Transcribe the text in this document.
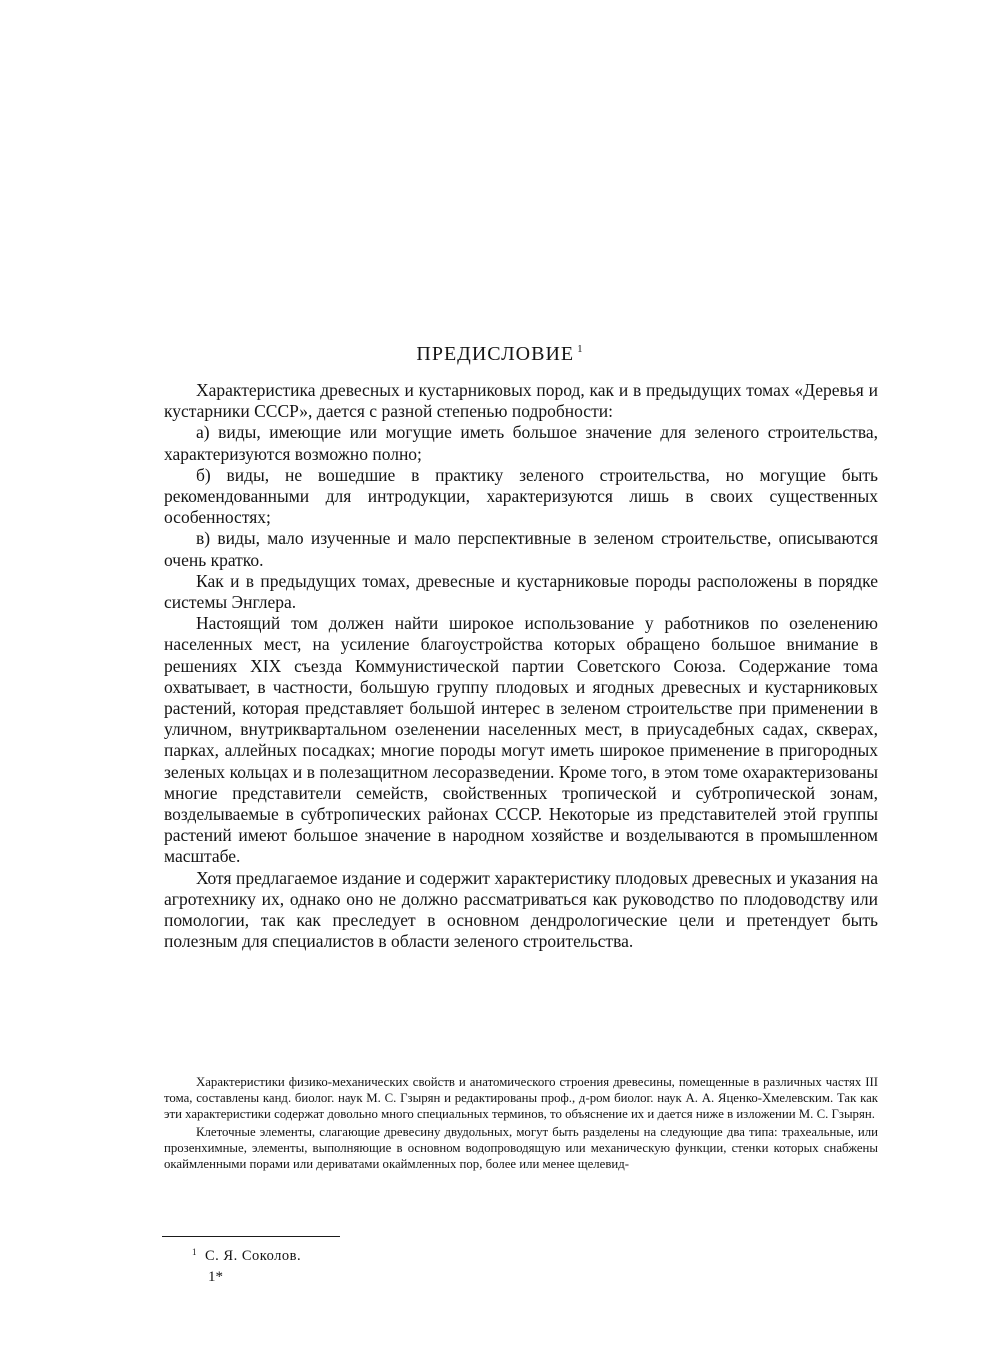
ПРЕДИСЛОВИЕ $^1$

Характеристика древесных и кустарниковых пород, как и в предыдущих томах «Деревья и кустарники СССР», дается с разной степенью подробности:

а) виды, имеющие или могущие иметь большое значение для зеленого строительства, характеризуются возможно полно;

б) виды, не вошедшие в практику зеленого строительства, но могущие быть рекомендованными для интродукции, характеризуются лишь в своих существенных особенностях;

в) виды, мало изученные и мало перспективные в зеленом строительстве, описываются очень кратко.

Как и в предыдущих томах, древесные и кустарниковые породы расположены в порядке системы Энглера.

Настоящий том должен найти широкое использование у работников по озеленению населенных мест, на усиление благоустройства которых обращено большое внимание в решениях XIX съезда Коммунистической партии Советского Союза. Содержание тома охватывает, в частности, большую группу плодовых и ягодных древесных и кустарниковых растений, которая представляет большой интерес в зеленом строительстве при применении в уличном, внутриквартальном озеленении населенных мест, в приусадебных садах, скверах, парках, аллейных посадках; многие породы могут иметь широкое применение в пригородных зеленых кольцах и в полезащитном лесоразведении. Кроме того, в этом томе охарактеризованы многие представители семейств, свойственных тропической и субтропической зонам, возделываемые в субтропических районах СССР. Некоторые из представителей этой группы растений имеют большое значение в народном хозяйстве и возделываются в промышленном масштабе.

Хотя предлагаемое издание и содержит характеристику плодовых древесных и указания на агротехнику их, однако оно не должно рассматриваться как руководство по плодоводству или помологии, так как преследует в основном дендрологические цели и претендует быть полезным для специалистов в области зеленого строительства.

Характеристики физико-механических свойств и анатомического строения древесины, помещенные в различных частях III тома, составлены канд. биолог. наук М. С. Гзырян и редактированы проф., д-ром биолог. наук А. А. Яценко-Хмелевским. Так как эти характеристики содержат довольно много специальных терминов, то объяснение их и дается ниже в изложении М. С. Гзырян.

Клеточные элементы, слагающие древесину двудольных, могут быть разделены на следующие два типа: трахеальные, или прозенхимные, элементы, выполняющие в основном водопроводящую или механическую функции, стенки которых снабжены окаймленными порами или дериватами окаймленных пор, более или менее щелевид-

$^1$ С. Я. Соколов.
1*
